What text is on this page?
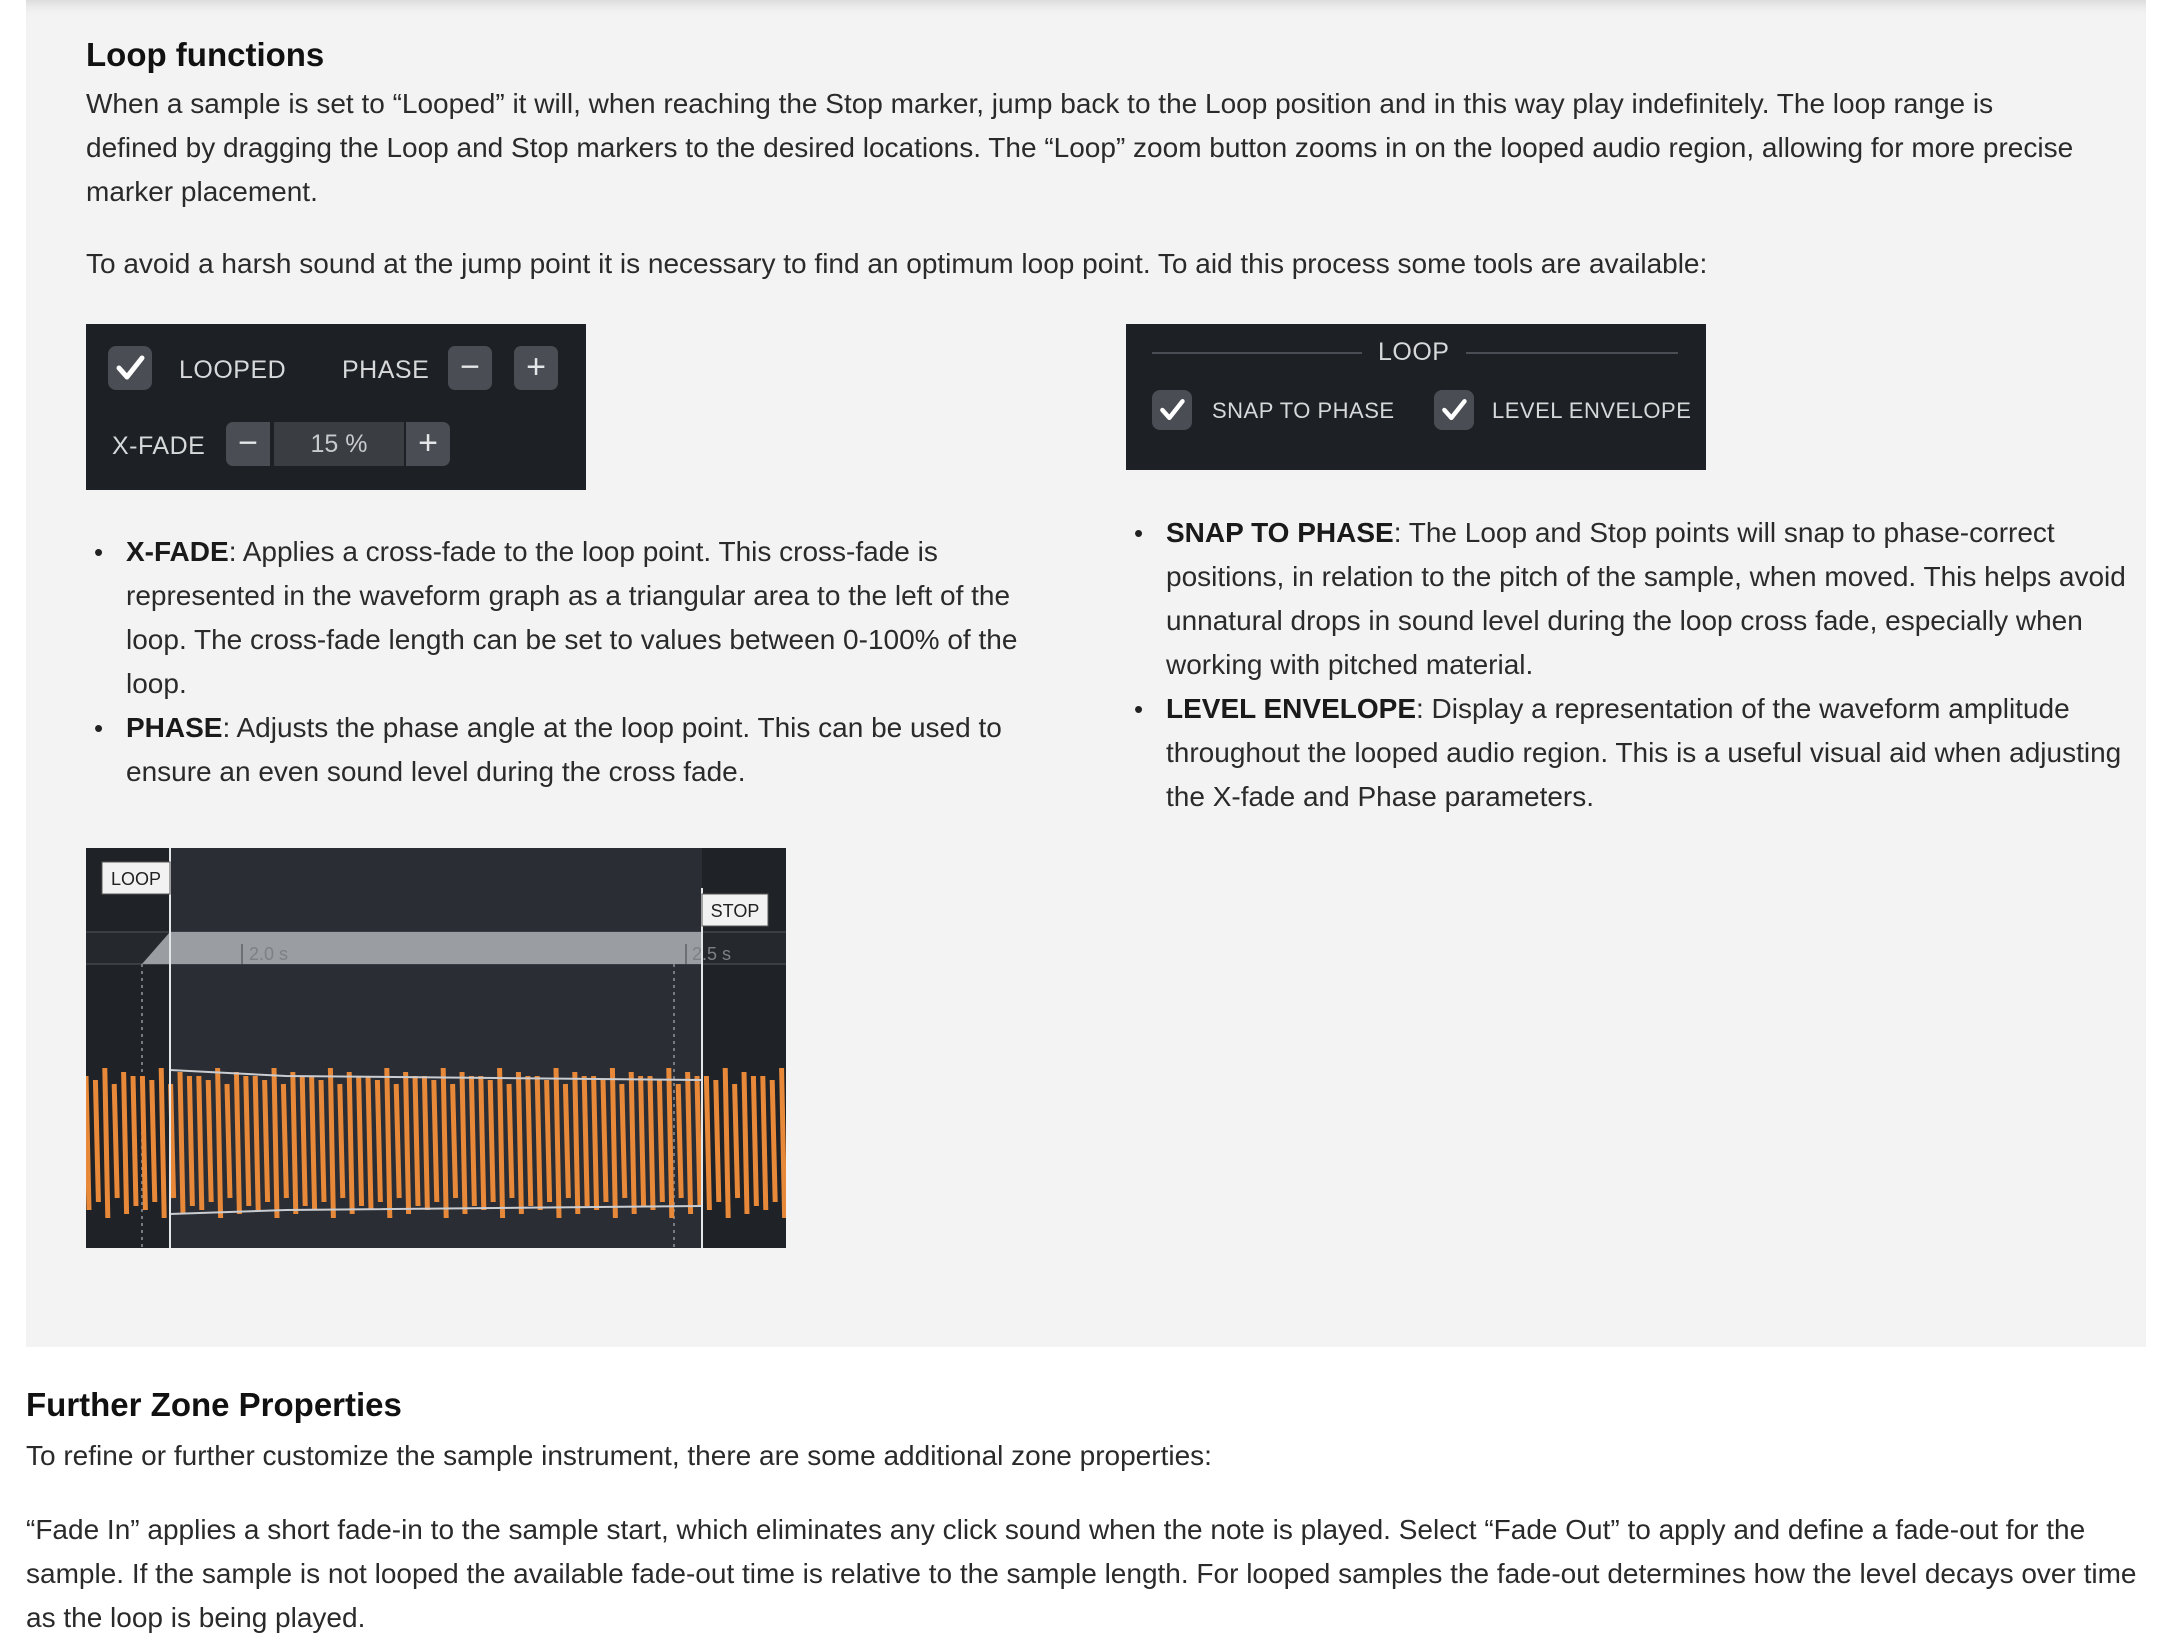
Loop functions
When a sample is set to “Looped” it will, when reaching the Stop marker, jump back to the Loop position and in this way play indefinitely. The loop range is defined by dragging the Loop and Stop markers to the desired locations. The “Loop” zoom button zooms in on the looped audio region, allowing for more precise marker placement.
To avoid a harsh sound at the jump point it is necessary to find an optimum loop point. To aid this process some tools are available:
LOOPED PHASE −	+
X-FADE −	15 %	+
LOOP
SNAP TO PHASE	LEVEL ENVELOPE
• X-FADE: Applies a cross-fade to the loop point. This cross-fade is represented in the waveform graph as a triangular area to the left of the loop. The cross-fade length can be set to values between 0-100% of the loop.
• PHASE: Adjusts the phase angle at the loop point. This can be used to ensure an even sound level during the cross fade.
• SNAP TO PHASE: The Loop and Stop points will snap to phase-correct positions, in relation to the pitch of the sample, when moved. This helps avoid unnatural drops in sound level during the loop cross fade, especially when working with pitched material.
• LEVEL ENVELOPE: Display a representation of the waveform amplitude throughout the looped audio region. This is a useful visual aid when adjusting the X-fade and Phase parameters.
2.0 s	2.5 s
LOOP
STOP
Further Zone Properties
To refine or further customize the sample instrument, there are some additional zone properties:
“Fade In” applies a short fade-in to the sample start, which eliminates any click sound when the note is played. Select “Fade Out” to apply and define a fade-out for the sample. If the sample is not looped the available fade-out time is relative to the sample length. For looped samples the fade-out determines how the level decays over time as the loop is being played.
